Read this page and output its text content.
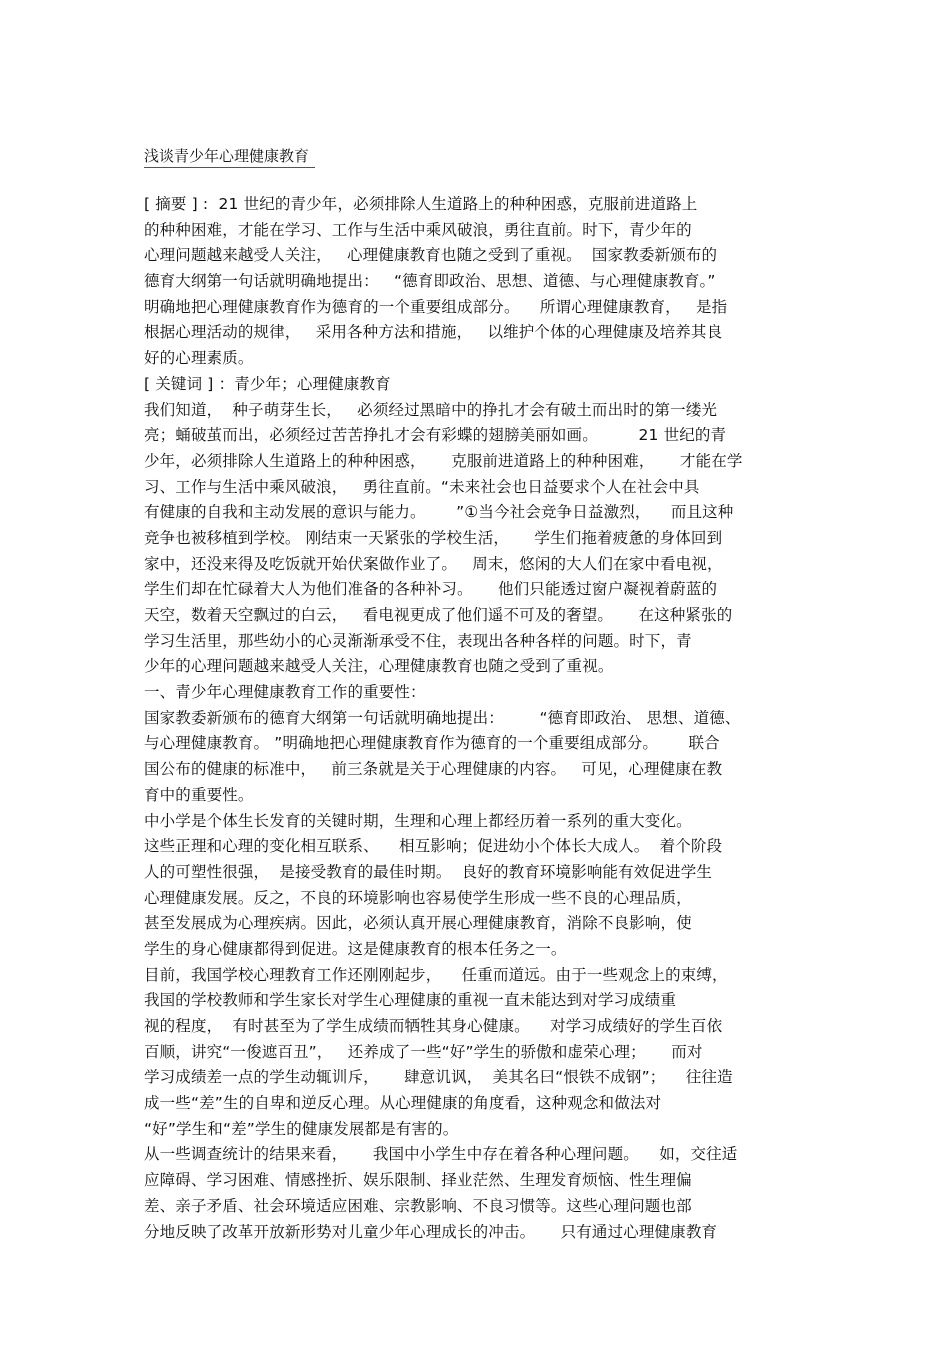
浅谈青少年心理健康教育
[ 摘要 ] :  21 世纪的青少年，必须排除人生道路上的种种困惑，克服前进道路上
的种种困难，才能在学习、工作与生活中乘风破浪，勇往直前。时下，青少年的
心理问题越来越受人关注，   心理健康教育也随之受到了重视。  国家教委新颁布的
德育大纲第一句话就明确地提出：   “德育即政治、思想、道德、与心理健康教育。”
明确地把心理健康教育作为德育的一个重要组成部分。    所谓心理健康教育，   是指
根据心理活动的规律，   采用各种方法和措施，   以维护个体的心理健康及培养其良
好的心理素质。
[ 关键词 ] ：青少年；心理健康教育
我们知道，  种子萌芽生长，   必须经过黑暗中的挣扎才会有破土而出时的第一缕光
亮；蛹破茧而出，必须经过苦苦挣扎才会有彩蝶的翅膀美丽如画。        21 世纪的青
少年，必须排除人生道路上的种种困惑，     克服前进道路上的种种困难，     才能在学
习、工作与生活中乘风破浪，   勇往直前。“未来社会也日益要求个人在社会中具
有健康的自我和主动发展的意识与能力。      ”①当今社会竞争日益激烈，    而且这种
竞争也被移植到学校。 刚结束一天紧张的学校生活，     学生们拖着疲惫的身体回到
家中，还没来得及吃饭就开始伏案做作业了。   周末，悠闲的大人们在家中看电视，
学生们却在忙碌着大人为他们准备的各种补习。     他们只能透过窗户凝视着蔚蓝的
天空，数着天空飘过的白云，   看电视更成了他们遥不可及的奢望。     在这种紧张的
学习生活里，那些幼小的心灵渐渐承受不住，表现出各种各样的问题。时下，青
少年的心理问题越来越受人关注，心理健康教育也随之受到了重视。
一、青少年心理健康教育工作的重要性：
国家教委新颁布的德育大纲第一句话就明确地提出：       “德育即政治、 思想、道德、
与心理健康教育。 ”明确地把心理健康教育作为德育的一个重要组成部分。      联合
国公布的健康的标准中，   前三条就是关于心理健康的内容。   可见，心理健康在教
育中的重要性。
中小学是个体生长发育的关键时期，生理和心理上都经历着一系列的重大变化。
这些正理和心理的变化相互联系、    相互影响；促进幼小个体长大成人。  着个阶段
人的可塑性很强，  是接受教育的最佳时期。  良好的教育环境影响能有效促进学生
心理健康发展。反之，不良的环境影响也容易使学生形成一些不良的心理品质，
甚至发展成为心理疾病。因此，必须认真开展心理健康教育，消除不良影响，使
学生的身心健康都得到促进。这是健康教育的根本任务之一。
目前，我国学校心理教育工作还刚刚起步，    任重而道远。由于一些观念上的束缚，
我国的学校教师和学生家长对学生心理健康的重视一直未能达到对学习成绩重
视的程度，  有时甚至为了学生成绩而牺牲其身心健康。    对学习成绩好的学生百依
百顺，讲究“一俊遮百丑”，   还养成了一些“好”学生的骄傲和虚荣心理；     而对
学习成绩差一点的学生动辄训斥，     肆意讥讽，  美其名曰“恨铁不成钢”；    往往造
成一些“差”生的自卑和逆反心理。从心理健康的角度看，这种观念和做法对
“好”学生和“差”学生的健康发展都是有害的。
从一些调查统计的结果来看，     我国中小学生中存在着各种心理问题。    如，交往适
应障碍、学习困难、情感挫折、娱乐限制、择业茫然、生理发育烦恼、性生理偏
差、亲子矛盾、社会环境适应困难、宗教影响、不良习惯等。这些心理问题也部
分地反映了改革开放新形势对儿童少年心理成长的冲击。     只有通过心理健康教育
